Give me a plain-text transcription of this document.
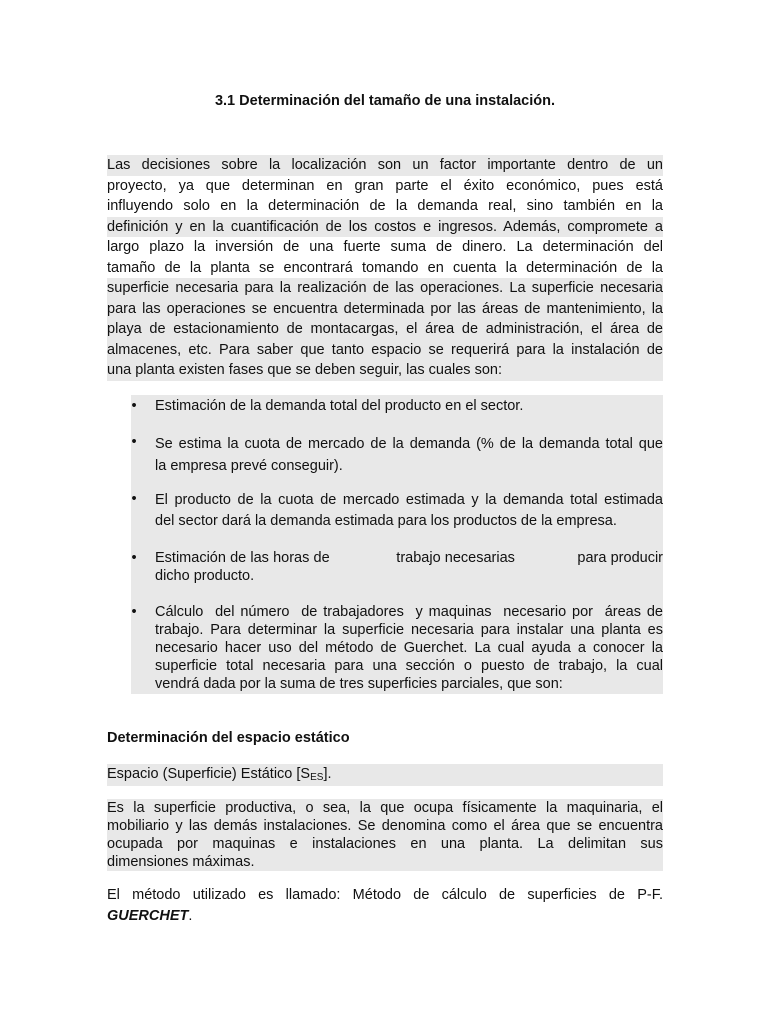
3.1 Determinación del tamaño de una instalación.
Las decisiones sobre la localización son un factor importante dentro de un
proyecto, ya que determinan en gran parte el éxito económico, pues está
influyendo solo en la determinación de la demanda real, sino también en la
definición y en la cuantificación de los costos e ingresos. Además, compromete a
largo plazo la inversión de una fuerte suma de dinero. La determinación del
tamaño de la planta se encontrará tomando en cuenta la determinación de la
superficie necesaria para la realización de las operaciones. La superficie necesaria
para las operaciones se encuentra determinada por las áreas de mantenimiento, la
playa de estacionamiento de montacargas, el área de administración, el área de
almacenes, etc. Para saber que tanto espacio se requerirá para la instalación de
una planta existen fases que se deben seguir, las cuales son:
• Estimación de la demanda total del producto en el sector.
• Se estima la cuota de mercado de la demanda (% de la demanda total que
la empresa prevé conseguir).
• El producto de la cuota de mercado estimada y la demanda total estimada
del sector dará la demanda estimada para los productos de la empresa.
• Estimación de las horas de                trabajo necesarias               para producir
dicho producto.
• Cálculo  del número  de trabajadores  y maquinas  necesario por  áreas de
trabajo. Para determinar la superficie necesaria para instalar una planta es
necesario hacer uso del método de Guerchet. La cual ayuda a conocer la
superficie total necesaria para una sección o puesto de trabajo, la cual
vendrá dada por la suma de tres superficies parciales, que son:
Determinación del espacio estático
Espacio (Superficie) Estático $[S_{ES}]$.
Es la superficie productiva, o sea, la que ocupa físicamente la maquinaria, el
mobiliario y las demás instalaciones. Se denomina como el área que se encuentra
ocupada por maquinas e instalaciones en una planta. La delimitan sus
dimensiones máximas.
El método utilizado es llamado: Método de cálculo de superficies de P-F.
GUERCHET.
